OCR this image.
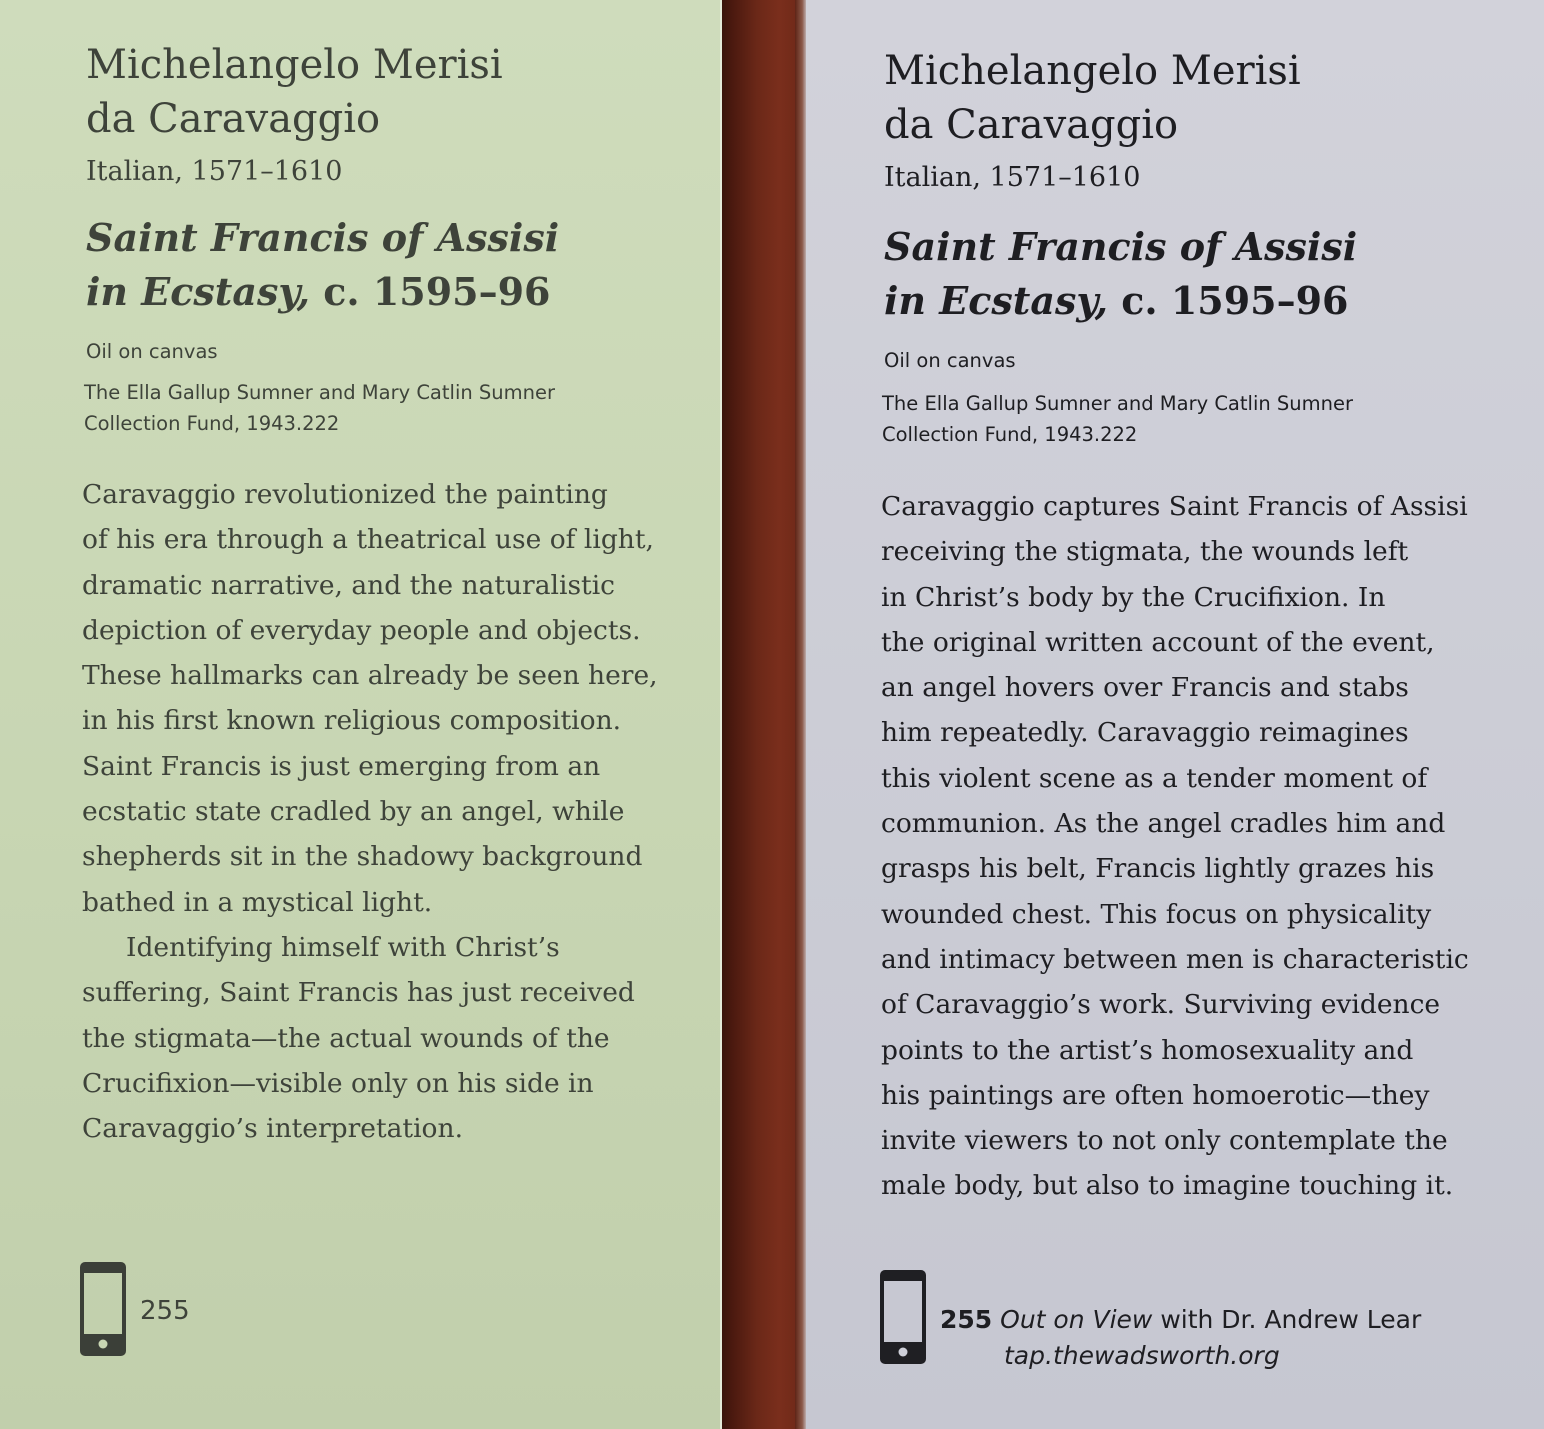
Michelangelo Merisi
da Caravaggio

Italian, 1571–1610

Saint Francis of Assisi
in Ecstasy, c. 1595–96

Oil on canvas

The Ella Gallup Sumner and Mary Catlin Sumner
Collection Fund, 1943.222

Caravaggio revolutionized the painting
of his era through a theatrical use of light,
dramatic narrative, and the naturalistic
depiction of everyday people and objects.
These hallmarks can already be seen here,
in his first known religious composition.
Saint Francis is just emerging from an
ecstatic state cradled by an angel, while
shepherds sit in the shadowy background
bathed in a mystical light.
Identifying himself with Christ’s
suffering, Saint Francis has just received
the stigmata—the actual wounds of the
Crucifixion—visible only on his side in
Caravaggio’s interpretation.

255

Michelangelo Merisi
da Caravaggio

Italian, 1571–1610

Saint Francis of Assisi
in Ecstasy, c. 1595–96

Oil on canvas

The Ella Gallup Sumner and Mary Catlin Sumner
Collection Fund, 1943.222

Caravaggio captures Saint Francis of Assisi
receiving the stigmata, the wounds left
in Christ’s body by the Crucifixion. In
the original written account of the event,
an angel hovers over Francis and stabs
him repeatedly. Caravaggio reimagines
this violent scene as a tender moment of
communion. As the angel cradles him and
grasps his belt, Francis lightly grazes his
wounded chest. This focus on physicality
and intimacy between men is characteristic
of Caravaggio’s work. Surviving evidence
points to the artist’s homosexuality and
his paintings are often homoerotic—they
invite viewers to not only contemplate the
male body, but also to imagine touching it.

255 Out on View with Dr. Andrew Lear
tap.thewadsworth.org
